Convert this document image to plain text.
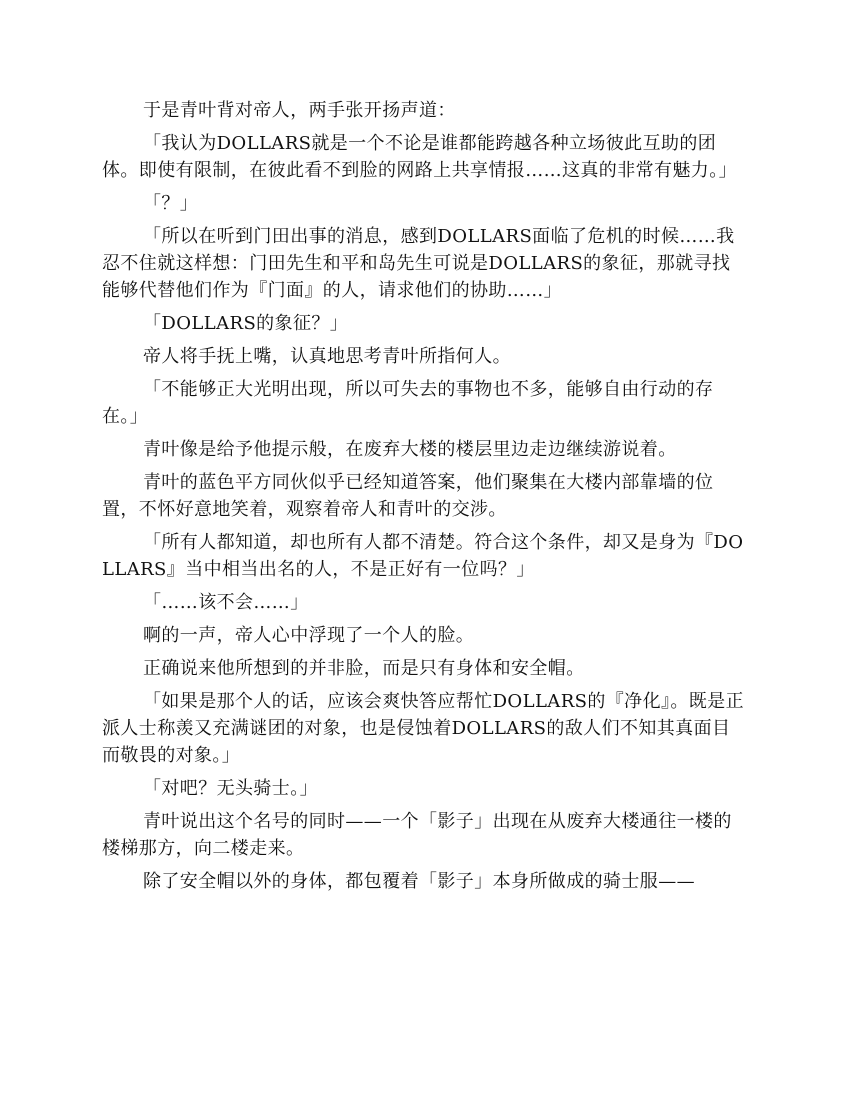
于是青叶背对帝人，两手张开扬声道：

「我认为DOLLARS就是一个不论是谁都能跨越各种立场彼此互助的团体。即使有限制，在彼此看不到脸的网路上共享情报……这真的非常有魅力。」

「？」

「所以在听到门田出事的消息，感到DOLLARS面临了危机的时候……我忍不住就这样想：门田先生和平和岛先生可说是DOLLARS的象征，那就寻找能够代替他们作为『门面』的人，请求他们的协助……」

「DOLLARS的象征？」

帝人将手抚上嘴，认真地思考青叶所指何人。

「不能够正大光明出现，所以可失去的事物也不多，能够自由行动的存在。」

青叶像是给予他提示般，在废弃大楼的楼层里边走边继续游说着。

青叶的蓝色平方同伙似乎已经知道答案，他们聚集在大楼内部靠墙的位置，不怀好意地笑着，观察着帝人和青叶的交涉。

「所有人都知道，却也所有人都不清楚。符合这个条件，却又是身为『DOLLARS』当中相当出名的人，不是正好有一位吗？」

「……该不会……」

啊的一声，帝人心中浮现了一个人的脸。

正确说来他所想到的并非脸，而是只有身体和安全帽。

「如果是那个人的话，应该会爽快答应帮忙DOLLARS的『净化』。既是正派人士称羡又充满谜团的对象，也是侵蚀着DOLLARS的敌人们不知其真面目而敬畏的对象。」

「对吧？无头骑士。」

青叶说出这个名号的同时——一个「影子」出现在从废弃大楼通往一楼的楼梯那方，向二楼走来。

除了安全帽以外的身体，都包覆着「影子」本身所做成的骑士服——
